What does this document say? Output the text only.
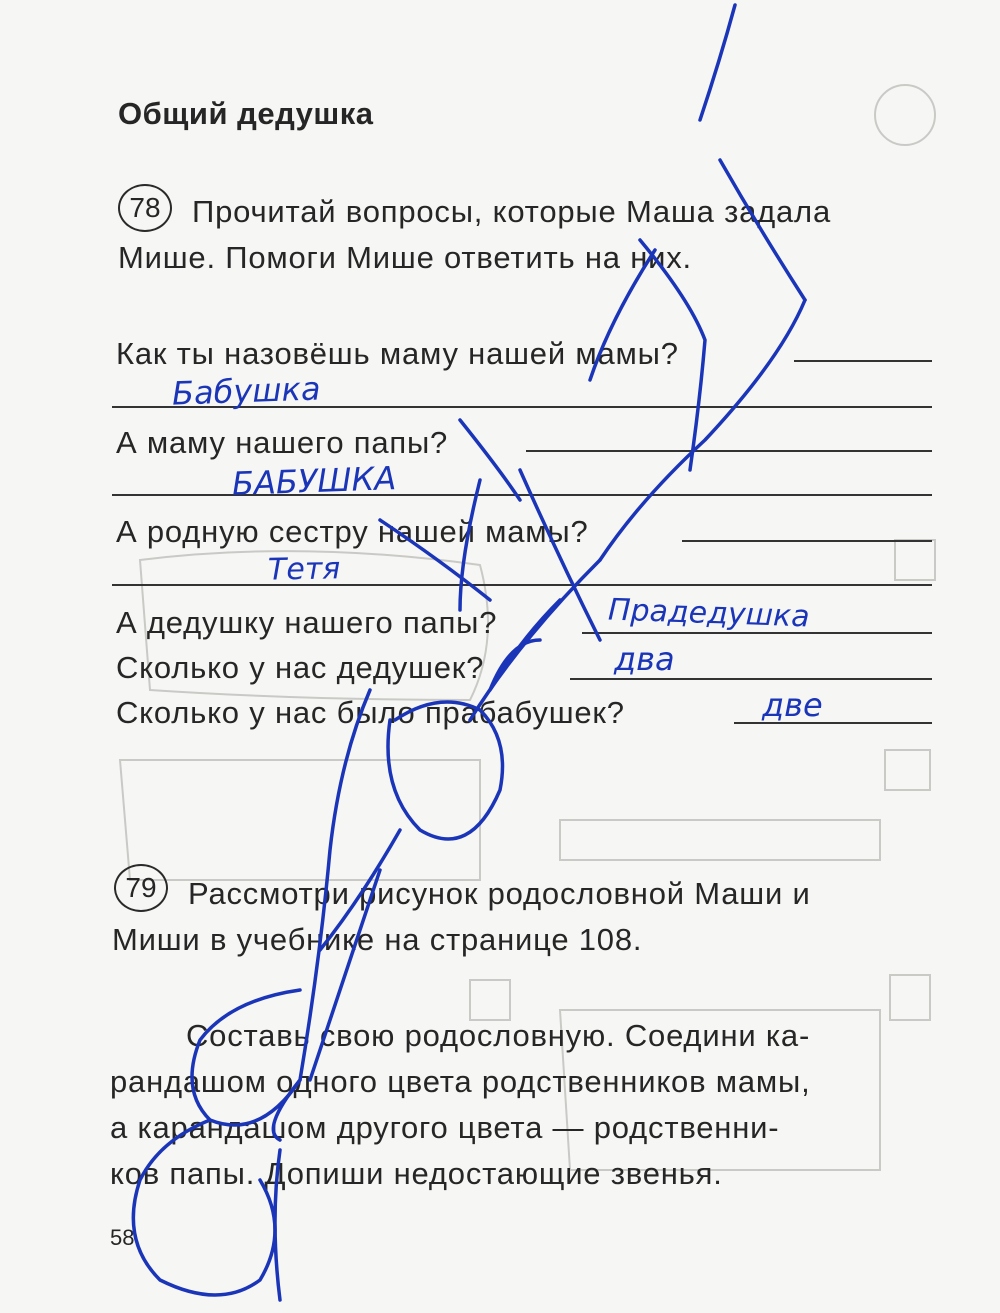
Общий дедушка
78 Прочитай вопросы, которые Маша задала
Мише. Помоги Мише ответить на них.
Как ты назовёшь маму нашей мамы?
Бабушка
А маму нашего папы?
БАБУШКА
А родную сестру нашей мамы?
Тетя
А дедушку нашего папы?	Прадедушка
Сколько у нас дедушек?	два
Сколько у нас было прабабушек?	две
79 Рассмотри рисунок родословной Маши и
Миши в учебнике на странице 108.
Составь свою родословную. Соедини ка-
рандашом одного цвета родственников мамы,
а карандашом другого цвета — родственни-
ков папы. Допиши недостающие звенья.
58
